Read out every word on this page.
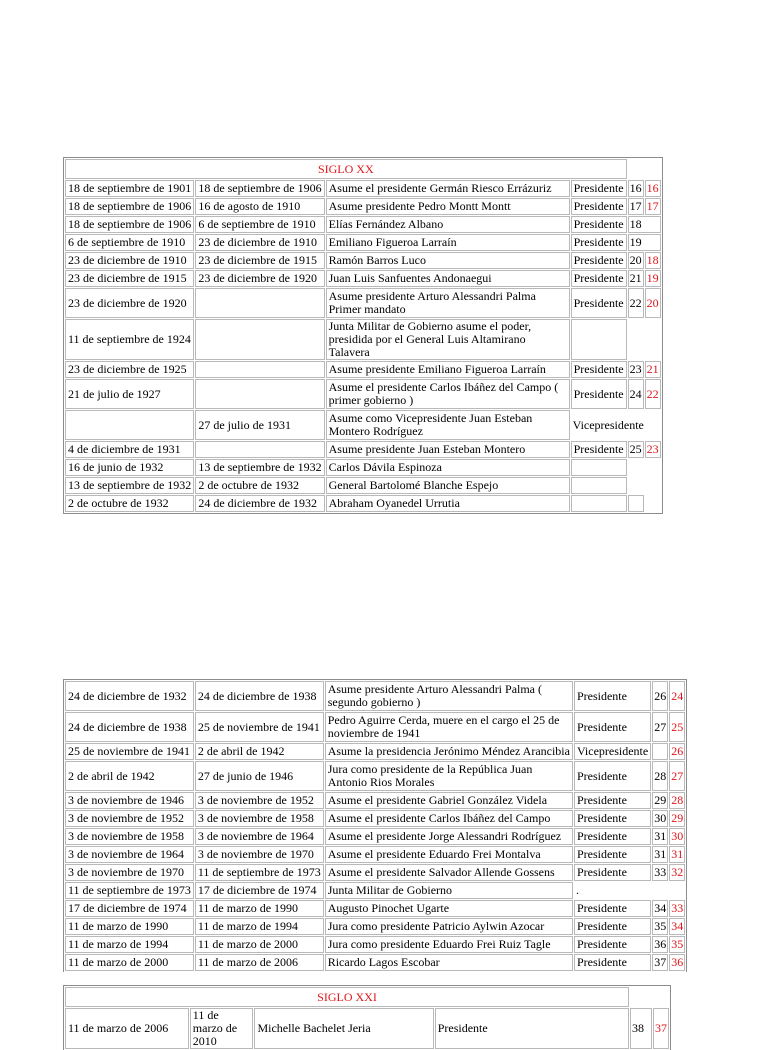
SIGLO XX					
18 de septiembre de 1901	18 de septiembre de 1906	Asume el presidente Germán Riesco Errázuriz	Presidente	16	16
18 de septiembre de 1906	16 de agosto de 1910	Asume presidente Pedro Montt Montt	Presidente	17	17
18 de septiembre de 1906	6 de septiembre de 1910	Elías Fernández Albano	Presidente	18	
6 de septiembre de 1910	23 de diciembre de 1910	Emiliano Figueroa Larraín	Presidente	19	
23 de diciembre de 1910	23 de diciembre de 1915	Ramón Barros Luco	Presidente	20	18
23 de diciembre de 1915	23 de diciembre de 1920	Juan Luis Sanfuentes Andonaegui	Presidente	21	19
23 de diciembre de 1920		Asume presidente Arturo Alessandri Palma Primer mandato	Presidente	22	20
11 de septiembre de 1924		Junta Militar de Gobierno asume el poder, presidida por el General Luis Altamirano Talavera			
23 de diciembre de 1925		Asume presidente Emiliano Figueroa Larraín	Presidente	23	21
21 de julio de 1927		Asume el presidente Carlos Ibáñez del Campo ( primer gobierno )	Presidente	24	22
	27 de julio de 1931	Asume como Vicepresidente Juan Esteban Montero Rodríguez	Vicepresidente		
4 de diciembre de 1931		Asume presidente Juan Esteban Montero	Presidente	25	23
16 de junio de 1932	13 de septiembre de 1932	Carlos Dávila Espinoza			
13 de septiembre de 1932	2 de octubre de 1932	General Bartolomé Blanche Espejo			
2 de octubre de 1932	24 de diciembre de 1932	Abraham Oyanedel Urrutia			
24 de diciembre de 1932	24 de diciembre de 1938	Asume presidente Arturo Alessandri Palma ( segundo gobierno )	Presidente	26	24
24 de diciembre de 1938	25 de noviembre de 1941	Pedro Aguirre Cerda, muere en el cargo el 25 de noviembre de 1941	Presidente	27	25
25 de noviembre de 1941	2 de abril de 1942	Asume la presidencia Jerónimo Méndez Arancibia	Vicepresidente		26
2 de abril de 1942	27 de junio de 1946	Jura como presidente de la República Juan Antonio Rios Morales	Presidente	28	27
3 de noviembre de 1946	3 de noviembre de 1952	Asume el presidente Gabriel González Videla	Presidente	29	28
3 de noviembre de 1952	3 de noviembre de 1958	Asume el presidente Carlos Ibáñez del Campo	Presidente	30	29
3 de noviembre de 1958	3 de noviembre de 1964	Asume el presidente Jorge Alessandri Rodríguez	Presidente	31	30
3 de noviembre de 1964	3 de noviembre de 1970	Asume el presidente Eduardo Frei Montalva	Presidente	31	31
3 de noviembre de 1970	11 de septiembre de 1973	Asume el presidente Salvador Allende Gossens	Presidente	33	32
11 de septiembre de 1973	17 de diciembre de 1974	Junta Militar de Gobierno	.		
17 de diciembre de 1974	11 de marzo de 1990	Augusto Pinochet Ugarte	Presidente	34	33
11 de marzo de 1990	11 de marzo de 1994	Jura como presidente Patricio Aylwin Azocar	Presidente	35	34
11 de marzo de 1994	11 de marzo de 2000	Jura como presidente Eduardo Frei Ruiz Tagle	Presidente	36	35
11 de marzo de 2000	11 de marzo de 2006	Ricardo Lagos Escobar	Presidente	37	36
SIGLO XXI					
11 de marzo de 2006	11 de marzo de 2010	Michelle Bachelet Jeria	Presidente	38	37
